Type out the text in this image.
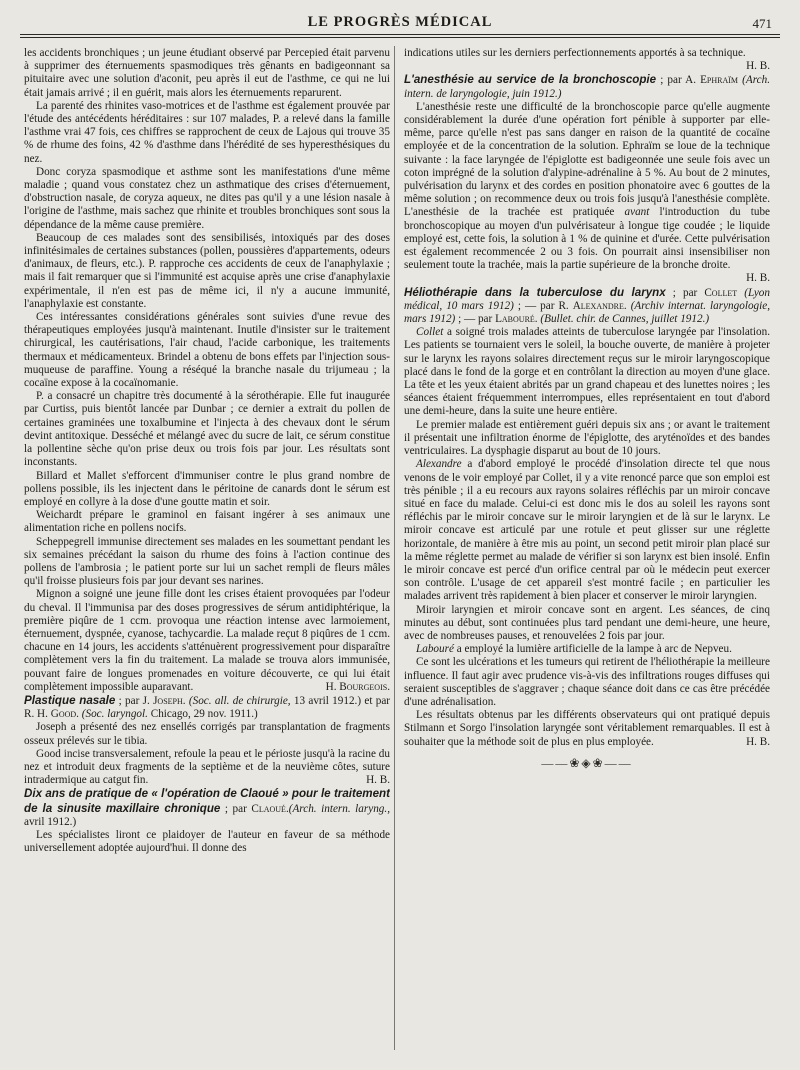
LE PROGRÈS MÉDICAL	471

les accidents bronchiques ; un jeune étudiant observé par Percepied était parvenu à supprimer des éternuements spasmodiques très gênants en badigeonnant sa pituitaire avec une solution d'aconit, peu après il eut de l'asthme, ce qui ne lui était jamais arrivé ; il en guérit, mais alors les éternuements reparurent.

La parenté des rhinites vaso-motrices et de l'asthme est également prouvée par l'étude des antécédents héréditaires : sur 107 malades, P. a relevé dans la famille l'asthme vrai 47 fois, ces chiffres se rapprochent de ceux de Lajous qui trouve 35 % de rhume des foins, 42 % d'asthme dans l'hérédité de ses hyperesthésiques du nez.

Donc coryza spasmodique et asthme sont les manifestations d'une même maladie ; quand vous constatez chez un asthmatique des crises d'éternuement, d'obstruction nasale, de coryza aqueux, ne dites pas qu'il y a une lésion nasale à l'origine de l'asthme, mais sachez que rhinite et troubles bronchiques sont sous la dépendance de la même cause première.

Beaucoup de ces malades sont des sensibilisés, intoxiqués par des doses infinitésimales de certaines substances (pollen, poussières d'appartements, odeurs d'animaux, de fleurs, etc.). P. rapproche ces accidents de ceux de l'anaphylaxie ; mais il fait remarquer que si l'immunité est acquise après une crise d'anaphylaxie expérimentale, il n'en est pas de même ici, il n'y a aucune immunité, l'anaphylaxie est constante.

Ces intéressantes considérations générales sont suivies d'une revue des thérapeutiques employées jusqu'à maintenant. Inutile d'insister sur le traitement chirurgical, les cautérisations, l'air chaud, l'acide carbonique, les traitements thermaux et médicamenteux. Brindel a obtenu de bons effets par l'injection sous-muqueuse de paraffine. Young a réséqué la branche nasale du trijumeau ; la cocaïne expose à la cocaïnomanie.

P. a consacré un chapitre très documenté à la sérothérapie. Elle fut inaugurée par Curtiss, puis bientôt lancée par Dunbar ; ce dernier a extrait du pollen de certaines graminées une toxalbumine et l'injecta à des chevaux dont le sérum devint antitoxique. Desséché et mélangé avec du sucre de lait, ce sérum constitue la pollentine sèche qu'on prise deux ou trois fois par jour. Les résultats sont inconstants.

Billard et Mallet s'efforcent d'immuniser contre le plus grand nombre de pollens possible, ils les injectent dans le péritoine de canards dont le sérum est employé en collyre à la dose d'une goutte matin et soir.

Weichardt prépare le graminol en faisant ingérer à ses animaux une alimentation riche en pollens nocifs.

Scheppegrell immunise directement ses malades en les soumettant pendant les six semaines précédant la saison du rhume des foins à l'action continue des pollens de l'ambrosia ; le patient porte sur lui un sachet rempli de fleurs mâles qu'il froisse plusieurs fois par jour devant ses narines.

Mignon a soigné une jeune fille dont les crises étaient provoquées par l'odeur du cheval. Il l'immunisa par des doses progressives de sérum antidiphtérique, la première piqûre de 1 ccm. provoqua une réaction intense avec larmoiement, éternuement, dyspnée, cyanose, tachycardie. La malade reçut 8 piqûres de 1 ccm. chacune en 14 jours, les accidents s'atténuèrent progressivement pour disparaître complètement vers la fin du traitement. La malade se trouva alors immunisée, pouvant faire de longues promenades en voiture découverte, ce qui lui était complètement impossible auparavant.	H. Bourgeois.

Plastique nasale ; par J. Joseph. (Soc. all. de chirurgie, 13 avril 1912.) et par R. H. Good. (Soc. laryngol. Chicago, 29 nov. 1911.)

Joseph a présenté des nez ensellés corrigés par transplantation de fragments osseux prélevés sur le tibia.

Good incise transversalement, refoule la peau et le périoste jusqu'à la racine du nez et introduit deux fragments de la septième et de la neuvième côtes, suture intradermique au catgut fin.	H. B.

Dix ans de pratique de « l'opération de Claoué » pour le traitement de la sinusite maxillaire chronique ; par Claoué.(Arch. intern. laryng., avril 1912.)

Les spécialistes liront ce plaidoyer de l'auteur en faveur de sa méthode universellement adoptée aujourd'hui. Il donne des

indications utiles sur les derniers perfectionnements apportés à sa technique.
H. B.

L'anesthésie au service de la bronchoscopie ; par A. Ephraïm (Arch. intern. de laryngologie, juin 1912.)

L'anesthésie reste une difficulté de la bronchoscopie parce qu'elle augmente considérablement la durée d'une opération fort pénible à supporter par elle-même, parce qu'elle n'est pas sans danger en raison de la quantité de cocaïne employée et de la concentration de la solution. Ephraïm se loue de la technique suivante : la face laryngée de l'épiglotte est badigeonnée une seule fois avec un coton imprégné de la solution d'alypine-adrénaline à 5 %. Au bout de 2 minutes, pulvérisation du larynx et des cordes en position phonatoire avec 6 gouttes de la même solution ; on recommence deux ou trois fois jusqu'à l'anesthésie complète. L'anesthésie de la trachée est pratiquée avant l'introduction du tube bronchoscopique au moyen d'un pulvérisateur à longue tige coudée ; le liquide employé est, cette fois, la solution à 1 % de quinine et d'urée. Cette pulvérisation est également recommencée 2 ou 3 fois. On pourrait ainsi insensibiliser non seulement toute la trachée, mais la partie supérieure de la bronche droite.
H. B.

Héliothérapie dans la tuberculose du larynx ; par Collet (Lyon médical, 10 mars 1912) ; — par R. Alexandre. (Archiv internat. laryngologie, mars 1912) ; — par Labouré. (Bullet. chir. de Cannes, juillet 1912.)

Collet a soigné trois malades atteints de tuberculose laryngée par l'insolation. Les patients se tournaient vers le soleil, la bouche ouverte, de manière à projeter sur le larynx les rayons solaires directement reçus sur le miroir laryngoscopique placé dans le fond de la gorge et en contrôlant la direction au moyen d'une glace. La tête et les yeux étaient abrités par un grand chapeau et des lunettes noires ; les séances étaient fréquemment interrompues, elles représentaient en tout d'abord une demi-heure, dans la suite une heure entière.

Le premier malade est entièrement guéri depuis six ans ; or avant le traitement il présentait une infiltration énorme de l'épiglotte, des aryténoïdes et des bandes ventriculaires. La dysphagie disparut au bout de 10 jours.

Alexandre a d'abord employé le procédé d'insolation directe tel que nous venons de le voir employé par Collet, il y a vite renoncé parce que son emploi est très pénible ; il a eu recours aux rayons solaires réfléchis par un miroir concave situé en face du malade. Celui-ci est donc mis le dos au soleil les rayons sont réfléchis par le miroir concave sur le miroir laryngien et de là sur le larynx. Le miroir concave est articulé par une rotule et peut glisser sur une réglette horizontale, de manière à être mis au point, un second petit miroir plan placé sur la même réglette permet au malade de vérifier si son larynx est bien insolé. Enfin le miroir concave est percé d'un orifice central par où le médecin peut exercer son contrôle. L'usage de cet appareil s'est montré facile ; en particulier les malades arrivent très rapidement à bien placer et conserver le miroir laryngien.

Miroir laryngien et miroir concave sont en argent. Les séances, de cinq minutes au début, sont continuées plus tard pendant une demi-heure, une heure, avec de nombreuses pauses, et renouvelées 2 fois par jour.

Labouré a employé la lumière artificielle de la lampe à arc de Nepveu.

Ce sont les ulcérations et les tumeurs qui retirent de l'héliothérapie la meilleure influence. Il faut agir avec prudence vis-à-vis des infiltrations rouges diffuses qui seraient susceptibles de s'aggraver ; chaque séance doit dans ce cas être précédée d'une adrénalisation.

Les résultats obtenus par les différents observateurs qui ont pratiqué depuis Stilmann et Sorgo l'insolation laryngée sont véritablement remarquables. Il est à souhaiter que la méthode soit de plus en plus employée.	H. B.

——❀◈❀——
